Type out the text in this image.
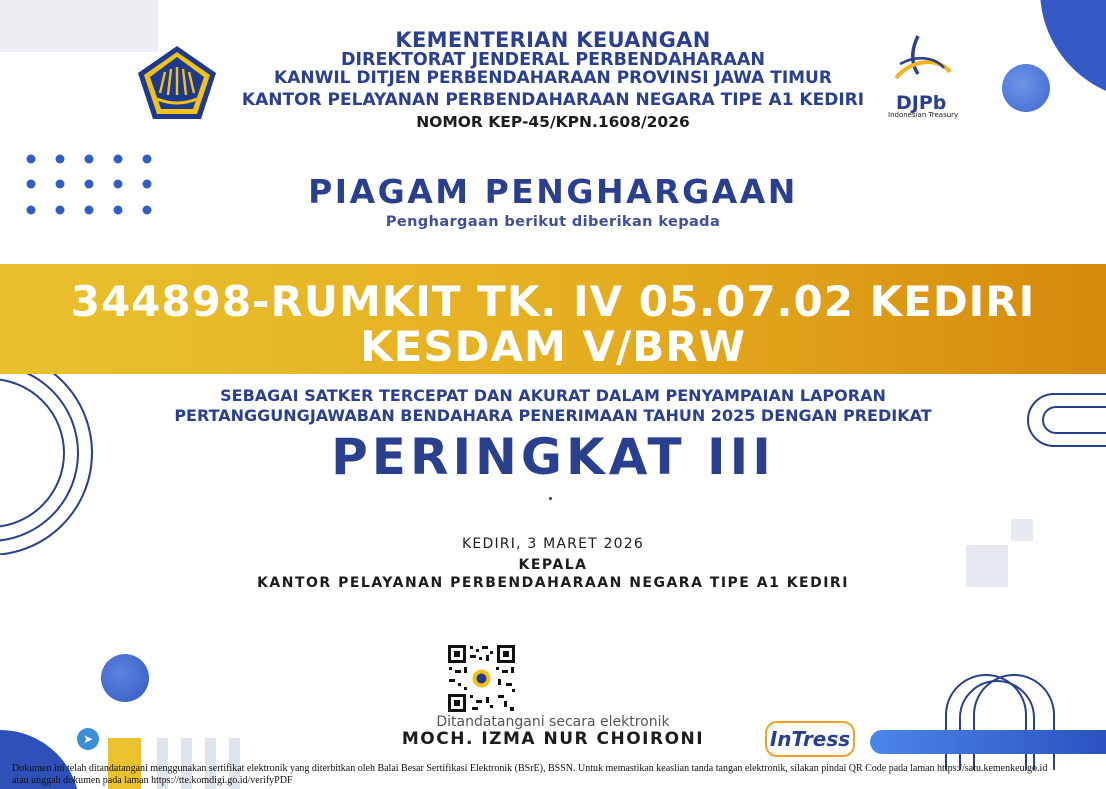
DJPb
Indonesian Treasury
KEMENTERIAN KEUANGAN
DIREKTORAT JENDERAL PERBENDAHARAAN
KANWIL DITJEN PERBENDAHARAAN PROVINSI JAWA TIMUR
KANTOR PELAYANAN PERBENDAHARAAN NEGARA TIPE A1 KEDIRI
NOMOR KEP-45/KPN.1608/2026
PIAGAM PENGHARGAAN
Penghargaan berikut diberikan kepada
344898-RUMKIT TK. IV 05.07.02 KEDIRI
KESDAM V/BRW
SEBAGAI SATKER TERCEPAT DAN AKURAT DALAM PENYAMPAIAN LAPORAN
PERTANGGUNGJAWABAN BENDAHARA PENERIMAAN TAHUN 2025 DENGAN PREDIKAT
PERINGKAT III
KEDIRI, 3 MARET 2026
KEPALA
KANTOR PELAYANAN PERBENDAHARAAN NEGARA TIPE A1 KEDIRI
Ditandatangani secara elektronik
MOCH. IZMA NUR CHOIRONI	InTress
➤
Dokumen ini telah ditandatangani menggunakan sertifikat elektronik yang diterbitkan oleh Balai Besar Sertifikasi Elektronik (BSrE), BSSN. Untuk memastikan keaslian tanda tangan elektronik, silakan pindai QR Code pada laman https://satu.kemenkeu.go.id
atau unggah dokumen pada laman https://tte.komdigi.go.id/verifyPDF
